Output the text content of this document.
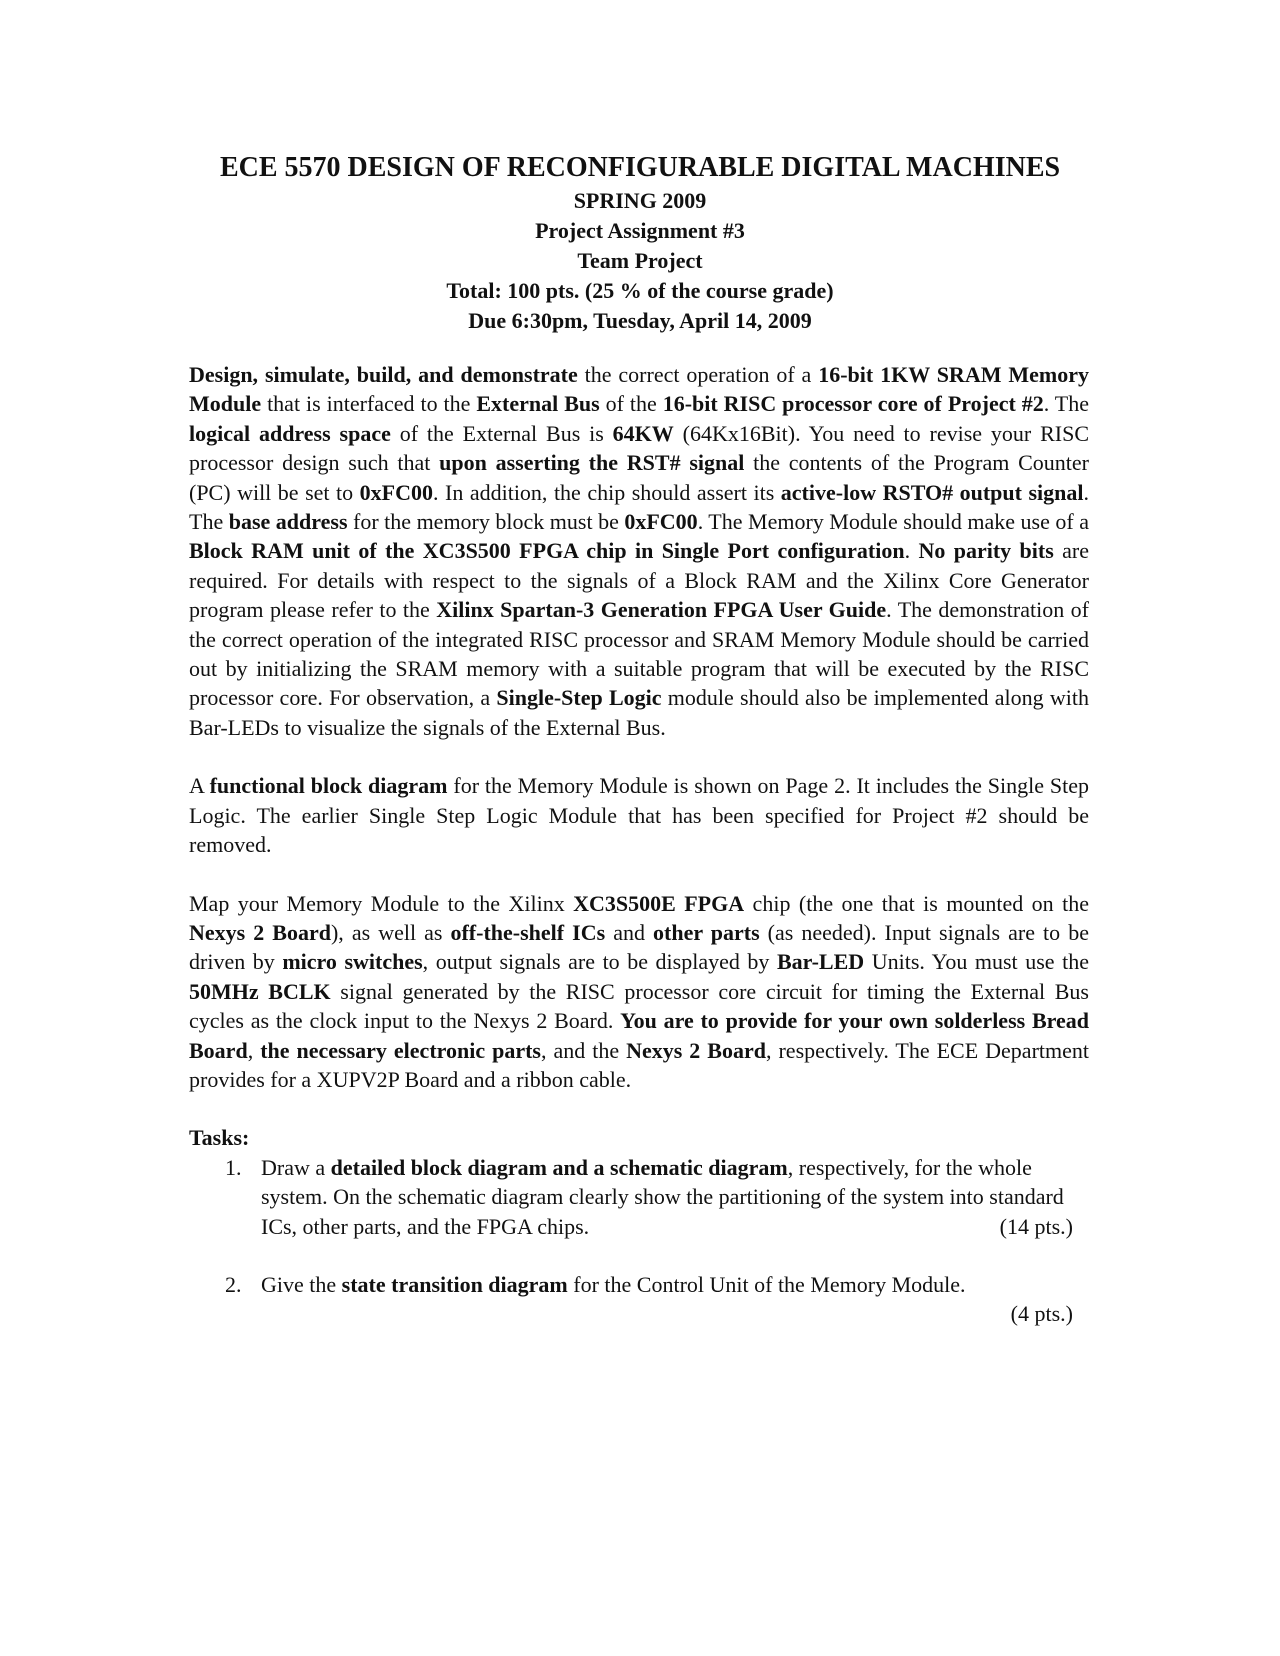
ECE 5570 DESIGN OF RECONFIGURABLE DIGITAL MACHINES

SPRING 2009

Project Assignment #3

Team Project

Total: 100 pts. (25 % of the course grade)

Due 6:30pm, Tuesday, April 14, 2009

Design, simulate, build, and demonstrate the correct operation of a 16-bit 1KW SRAM Memory Module that is interfaced to the External Bus of the 16-bit RISC processor core of Project #2. The logical address space of the External Bus is 64KW (64Kx16Bit). You need to revise your RISC processor design such that upon asserting the RST# signal the contents of the Program Counter (PC) will be set to 0xFC00. In addition, the chip should assert its active-low RSTO# output signal. The base address for the memory block must be 0xFC00. The Memory Module should make use of a Block RAM unit of the XC3S500 FPGA chip in Single Port configuration. No parity bits are required. For details with respect to the signals of a Block RAM and the Xilinx Core Generator program please refer to the Xilinx Spartan-3 Generation FPGA User Guide. The demonstration of the correct operation of the integrated RISC processor and SRAM Memory Module should be carried out by initializing the SRAM memory with a suitable program that will be executed by the RISC processor core. For observation, a Single-Step Logic module should also be implemented along with Bar-LEDs to visualize the signals of the External Bus.

A functional block diagram for the Memory Module is shown on Page 2. It includes the Single Step Logic. The earlier Single Step Logic Module that has been specified for Project #2 should be removed.

Map your Memory Module to the Xilinx XC3S500E FPGA chip (the one that is mounted on the Nexys 2 Board), as well as off-the-shelf ICs and other parts (as needed). Input signals are to be driven by micro switches, output signals are to be displayed by Bar-LED Units. You must use the 50MHz BCLK signal generated by the RISC processor core circuit for timing the External Bus cycles as the clock input to the Nexys 2 Board. You are to provide for your own solderless Bread Board, the necessary electronic parts, and the Nexys 2 Board, respectively. The ECE Department provides for a XUPV2P Board and a ribbon cable.

Tasks:

1. Draw a detailed block diagram and a schematic diagram, respectively, for the whole system. On the schematic diagram clearly show the partitioning of the system into standard ICs, other parts, and the FPGA chips.	(14 pts.)
2. Give the state transition diagram for the Control Unit of the Memory Module.

(4 pts.)
